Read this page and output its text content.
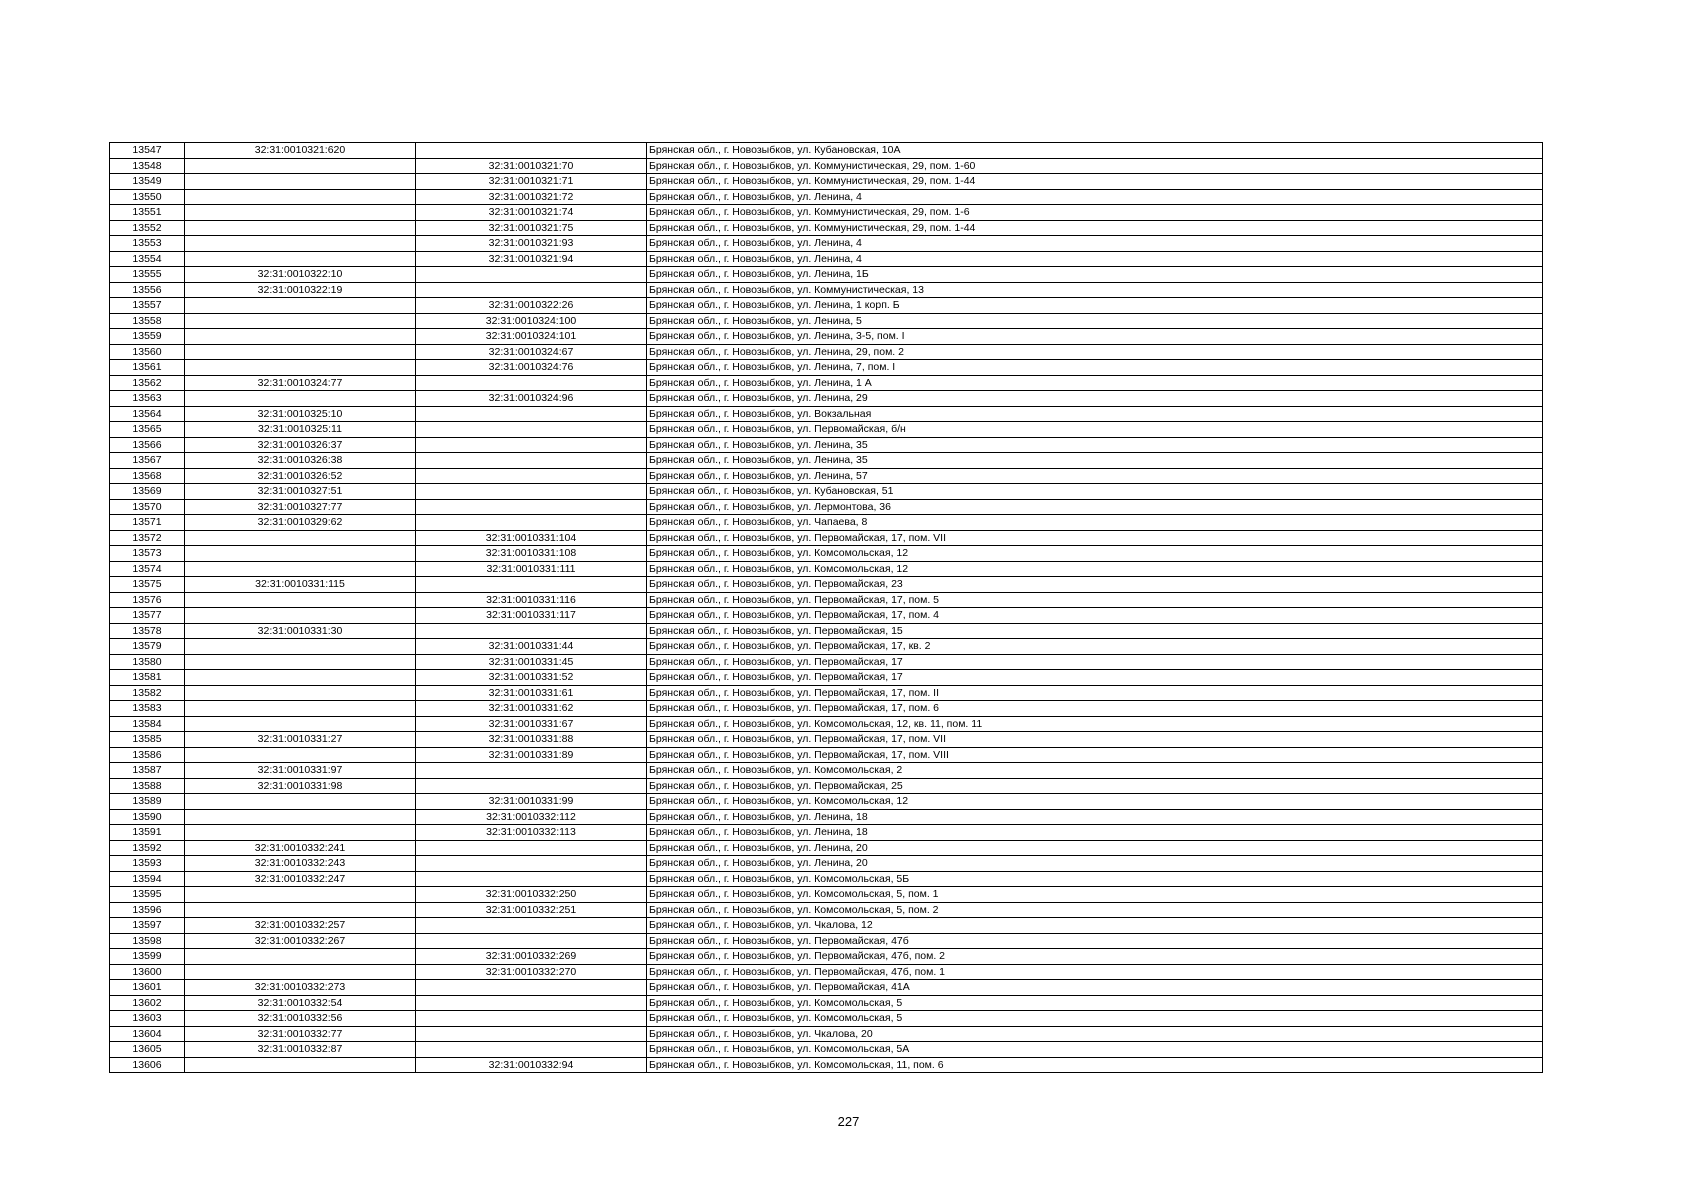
13547	32:31:0010321:620		Брянская обл., г. Новозыбков, ул. Кубановская, 10А
13548		32:31:0010321:70	Брянская обл., г. Новозыбков, ул. Коммунистическая, 29, пом. 1-60
13549		32:31:0010321:71	Брянская обл., г. Новозыбков, ул. Коммунистическая, 29, пом. 1-44
13550		32:31:0010321:72	Брянская обл., г. Новозыбков, ул. Ленина, 4
13551		32:31:0010321:74	Брянская обл., г. Новозыбков, ул. Коммунистическая, 29, пом. 1-6
13552		32:31:0010321:75	Брянская обл., г. Новозыбков, ул. Коммунистическая, 29, пом. 1-44
13553		32:31:0010321:93	Брянская обл., г. Новозыбков, ул. Ленина, 4
13554		32:31:0010321:94	Брянская обл., г. Новозыбков, ул. Ленина, 4
13555	32:31:0010322:10		Брянская обл., г. Новозыбков, ул. Ленина, 1Б
13556	32:31:0010322:19		Брянская обл., г. Новозыбков, ул. Коммунистическая, 13
13557		32:31:0010322:26	Брянская обл., г. Новозыбков, ул. Ленина, 1 корп. Б
13558		32:31:0010324:100	Брянская обл., г. Новозыбков, ул. Ленина, 5
13559		32:31:0010324:101	Брянская обл., г. Новозыбков, ул. Ленина, 3-5, пом. I
13560		32:31:0010324:67	Брянская обл., г. Новозыбков, ул. Ленина, 29, пом. 2
13561		32:31:0010324:76	Брянская обл., г. Новозыбков, ул. Ленина, 7, пом. I
13562	32:31:0010324:77		Брянская обл., г. Новозыбков, ул. Ленина, 1 А
13563		32:31:0010324:96	Брянская обл., г. Новозыбков, ул. Ленина, 29
13564	32:31:0010325:10		Брянская обл., г. Новозыбков, ул. Вокзальная
13565	32:31:0010325:11		Брянская обл., г. Новозыбков, ул. Первомайская, б/н
13566	32:31:0010326:37		Брянская обл., г. Новозыбков, ул. Ленина, 35
13567	32:31:0010326:38		Брянская обл., г. Новозыбков, ул. Ленина, 35
13568	32:31:0010326:52		Брянская обл., г. Новозыбков, ул. Ленина, 57
13569	32:31:0010327:51		Брянская обл., г. Новозыбков, ул. Кубановская, 51
13570	32:31:0010327:77		Брянская обл., г. Новозыбков, ул. Лермонтова, 36
13571	32:31:0010329:62		Брянская обл., г. Новозыбков, ул. Чапаева, 8
13572		32:31:0010331:104	Брянская обл., г. Новозыбков, ул. Первомайская, 17, пом. VII
13573		32:31:0010331:108	Брянская обл., г. Новозыбков, ул. Комсомольская, 12
13574		32:31:0010331:111	Брянская обл., г. Новозыбков, ул. Комсомольская, 12
13575	32:31:0010331:115		Брянская обл., г. Новозыбков, ул. Первомайская, 23
13576		32:31:0010331:116	Брянская обл., г. Новозыбков, ул. Первомайская, 17, пом. 5
13577		32:31:0010331:117	Брянская обл., г. Новозыбков, ул. Первомайская, 17, пом. 4
13578	32:31:0010331:30		Брянская обл., г. Новозыбков, ул. Первомайская, 15
13579		32:31:0010331:44	Брянская обл., г. Новозыбков, ул. Первомайская, 17, кв. 2
13580		32:31:0010331:45	Брянская обл., г. Новозыбков, ул. Первомайская, 17
13581		32:31:0010331:52	Брянская обл., г. Новозыбков, ул. Первомайская, 17
13582		32:31:0010331:61	Брянская обл., г. Новозыбков, ул. Первомайская, 17, пом. II
13583		32:31:0010331:62	Брянская обл., г. Новозыбков, ул. Первомайская, 17, пом. 6
13584		32:31:0010331:67	Брянская обл., г. Новозыбков, ул. Комсомольская, 12, кв. 11, пом. 11
13585	32:31:0010331:27	32:31:0010331:88	Брянская обл., г. Новозыбков, ул. Первомайская, 17, пом. VII
13586		32:31:0010331:89	Брянская обл., г. Новозыбков, ул. Первомайская, 17, пом. VIII
13587	32:31:0010331:97		Брянская обл., г. Новозыбков, ул. Комсомольская, 2
13588	32:31:0010331:98		Брянская обл., г. Новозыбков, ул. Первомайская, 25
13589		32:31:0010331:99	Брянская обл., г. Новозыбков, ул. Комсомольская, 12
13590		32:31:0010332:112	Брянская обл., г. Новозыбков, ул. Ленина, 18
13591		32:31:0010332:113	Брянская обл., г. Новозыбков, ул. Ленина, 18
13592	32:31:0010332:241		Брянская обл., г. Новозыбков, ул. Ленина, 20
13593	32:31:0010332:243		Брянская обл., г. Новозыбков, ул. Ленина, 20
13594	32:31:0010332:247		Брянская обл., г. Новозыбков, ул. Комсомольская, 5Б
13595		32:31:0010332:250	Брянская обл., г. Новозыбков, ул. Комсомольская, 5, пом. 1
13596		32:31:0010332:251	Брянская обл., г. Новозыбков, ул. Комсомольская, 5, пом. 2
13597	32:31:0010332:257		Брянская обл., г. Новозыбков, ул. Чкалова, 12
13598	32:31:0010332:267		Брянская обл., г. Новозыбков, ул. Первомайская, 47б
13599		32:31:0010332:269	Брянская обл., г. Новозыбков, ул. Первомайская, 47б, пом. 2
13600		32:31:0010332:270	Брянская обл., г. Новозыбков, ул. Первомайская, 47б, пом. 1
13601	32:31:0010332:273		Брянская обл., г. Новозыбков, ул. Первомайская, 41А
13602	32:31:0010332:54		Брянская обл., г. Новозыбков, ул. Комсомольская, 5
13603	32:31:0010332:56		Брянская обл., г. Новозыбков, ул. Комсомольская, 5
13604	32:31:0010332:77		Брянская обл., г. Новозыбков, ул. Чкалова, 20
13605	32:31:0010332:87		Брянская обл., г. Новозыбков, ул. Комсомольская, 5А
13606		32:31:0010332:94	Брянская обл., г. Новозыбков, ул. Комсомольская, 11, пом. 6
227
